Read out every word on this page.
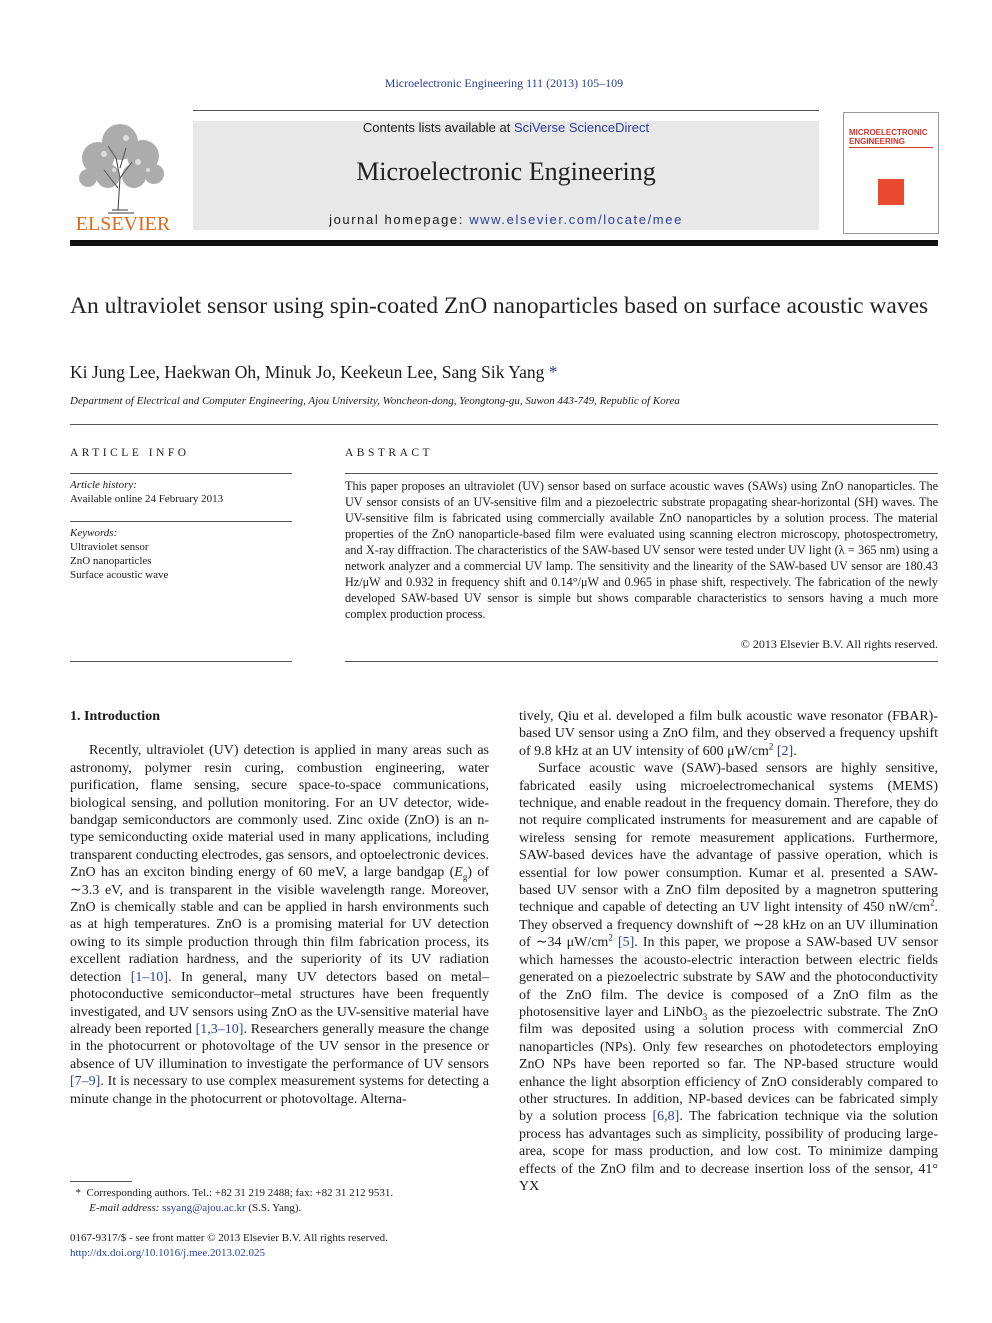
Microelectronic Engineering 111 (2013) 105–109
Contents lists available at SciVerse ScienceDirect
Microelectronic Engineering
journal homepage: www.elsevier.com/locate/mee
ELSEVIER
MICROELECTRONIC
ENGINEERING
An ultraviolet sensor using spin-coated ZnO nanoparticles based on surface acoustic waves
Ki Jung Lee, Haekwan Oh, Minuk Jo, Keekeun Lee, Sang Sik Yang *
Department of Electrical and Computer Engineering, Ajou University, Woncheon-dong, Yeongtong-gu, Suwon 443-749, Republic of Korea
ARTICLE INFO
Article history:
Available online 24 February 2013
Keywords:
Ultraviolet sensor
ZnO nanoparticles
Surface acoustic wave
ABSTRACT
This paper proposes an ultraviolet (UV) sensor based on surface acoustic waves (SAWs) using ZnO nanoparticles. The UV sensor consists of an UV-sensitive film and a piezoelectric substrate propagating shear-horizontal (SH) waves. The UV-sensitive film is fabricated using commercially available ZnO nanoparticles by a solution process. The material properties of the ZnO nanoparticle-based film were evaluated using scanning electron microscopy, photospectrometry, and X-ray diffraction. The characteristics of the SAW-based UV sensor were tested under UV light (λ = 365 nm) using a network analyzer and a commercial UV lamp. The sensitivity and the linearity of the SAW-based UV sensor are 180.43 Hz/μW and 0.932 in frequency shift and 0.14°/μW and 0.965 in phase shift, respectively. The fabrication of the newly developed SAW-based UV sensor is simple but shows comparable characteristics to sensors having a much more complex production process.
© 2013 Elsevier B.V. All rights reserved.
1. Introduction

Recently, ultraviolet (UV) detection is applied in many areas such as astronomy, polymer resin curing, combustion engineering, water purification, flame sensing, secure space-to-space communications, biological sensing, and pollution monitoring. For an UV detector, wide-bandgap semiconductors are commonly used. Zinc oxide (ZnO) is an n-type semiconducting oxide material used in many applications, including transparent conducting electrodes, gas sensors, and optoelectronic devices. ZnO has an exciton binding energy of 60 meV, a large bandgap $(E_g)$ of ∼3.3 eV, and is transparent in the visible wavelength range. Moreover, ZnO is chemically stable and can be applied in harsh environments such as at high temperatures. ZnO is a promising material for UV detection owing to its simple production through thin film fabrication process, its excellent radiation hardness, and the superiority of its UV radiation detection [1–10]. In general, many UV detectors based on metal–photoconductive semiconductor–metal structures have been frequently investigated, and UV sensors using ZnO as the UV-sensitive material have already been reported [1,3–10]. Researchers generally measure the change in the photocurrent or photovoltage of the UV sensor in the presence or absence of UV illumination to investigate the performance of UV sensors [7–9]. It is necessary to use complex measurement systems for detecting a minute change in the photocurrent or photovoltage. Alterna-

tively, Qiu et al. developed a film bulk acoustic wave resonator (FBAR)-based UV sensor using a ZnO film, and they observed a frequency upshift of 9.8 kHz at an UV intensity of 600 $\mu W/cm^2$ [2].

Surface acoustic wave (SAW)-based sensors are highly sensitive, fabricated easily using microelectromechanical systems (MEMS) technique, and enable readout in the frequency domain. Therefore, they do not require complicated instruments for measurement and are capable of wireless sensing for remote measurement applications. Furthermore, SAW-based devices have the advantage of passive operation, which is essential for low power consumption. Kumar et al. presented a SAW-based UV sensor with a ZnO film deposited by a magnetron sputtering technique and capable of detecting an UV light intensity of 450 $nW/cm^2$. They observed a frequency downshift of ∼28 kHz on an UV illumination of ∼34 $\mu W/cm^2$ [5]. In this paper, we propose a SAW-based UV sensor which harnesses the acousto-electric interaction between electric fields generated on a piezoelectric substrate by SAW and the photoconductivity of the ZnO film. The device is composed of a ZnO film as the photosensitive layer and LiNbO$_3$ as the piezoelectric substrate. The ZnO film was deposited using a solution process with commercial ZnO nanoparticles (NPs). Only few researches on photodetectors employing ZnO NPs have been reported so far. The NP-based structure would enhance the light absorption efficiency of ZnO considerably compared to other structures. In addition, NP-based devices can be fabricated simply by a solution process [6,8]. The fabrication technique via the solution process has advantages such as simplicity, possibility of producing large-area, scope for mass production, and low cost. To minimize damping effects of the ZnO film and to decrease insertion loss of the sensor, 41° YX

* Corresponding authors. Tel.: +82 31 219 2488; fax: +82 31 212 9531.
E-mail address: ssyang@ajou.ac.kr (S.S. Yang).
0167-9317/$ - see front matter © 2013 Elsevier B.V. All rights reserved.
http://dx.doi.org/10.1016/j.mee.2013.02.025
